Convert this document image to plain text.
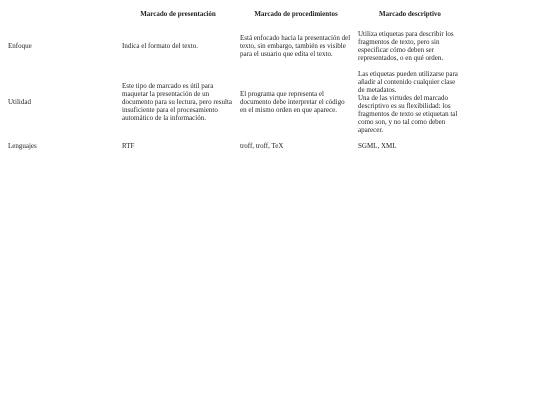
	Marcado de presentación	Marcado de procedimientos	Marcado descriptivo
Enfoque	Indica el formato del texto.	Está enfocado hacia la presentación del texto, sin embargo, también es visible para el usuario que edita el texto.	Utiliza etiquetas para describir los fragmentos de texto, pero sin especificar cómo deben ser representados, o en qué orden.

Utilidad	Este tipo de marcado es útil para maquetar la presentación de un documento para su lectura, pero resulta insuficiente para el procesamiento automático de la información.	El programa que representa el documento debe interpretar el código en el mismo orden en que aparece.	Las etiquetas pueden utilizarse para añadir al contenido cualquier clase de metadatos.
Una de las virtudes del marcado descriptivo es su flexibilidad: los fragmentos de texto se etiquetan tal como son, y no tal como deben aparecer.

Lenguajes	RTF	troff, troff, TeX	SGML, XML
